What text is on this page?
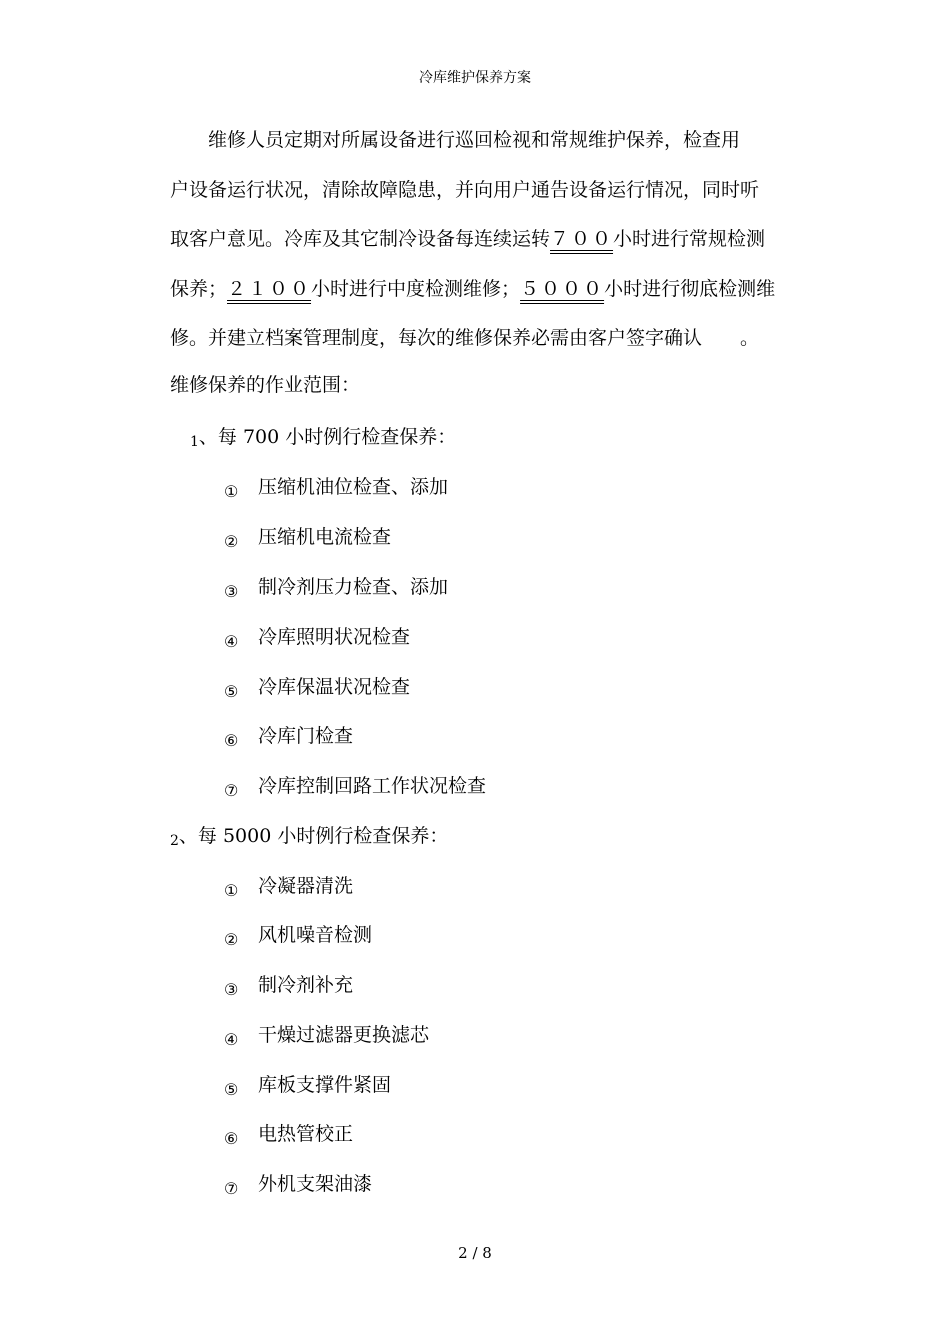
冷库维护保养方案
维修人员定期对所属设备进行巡回检视和常规维护保养，检查用
户设备运行状况，清除故障隐患，并向用户通告设备运行情况，同时听
取客户意见。冷库及其它制冷设备每连续运转７００小时进行常规检测
保养；２１００小时进行中度检测维修；５０００小时进行彻底检测维
修。并建立档案管理制度，每次的维修保养必需由客户签字确认　　。
维修保养的作业范围：
1、每 700 小时例行检查保养：
① 压缩机油位检查、添加
② 压缩机电流检查
③ 制冷剂压力检查、添加
④ 冷库照明状况检查
⑤ 冷库保温状况检查
⑥ 冷库门检查
⑦ 冷库控制回路工作状况检查
2、每 5000 小时例行检查保养：
① 冷凝器清洗
② 风机噪音检测
③ 制冷剂补充
④ 干燥过滤器更换滤芯
⑤ 库板支撑件紧固
⑥ 电热管校正
⑦ 外机支架油漆
2 / 8
